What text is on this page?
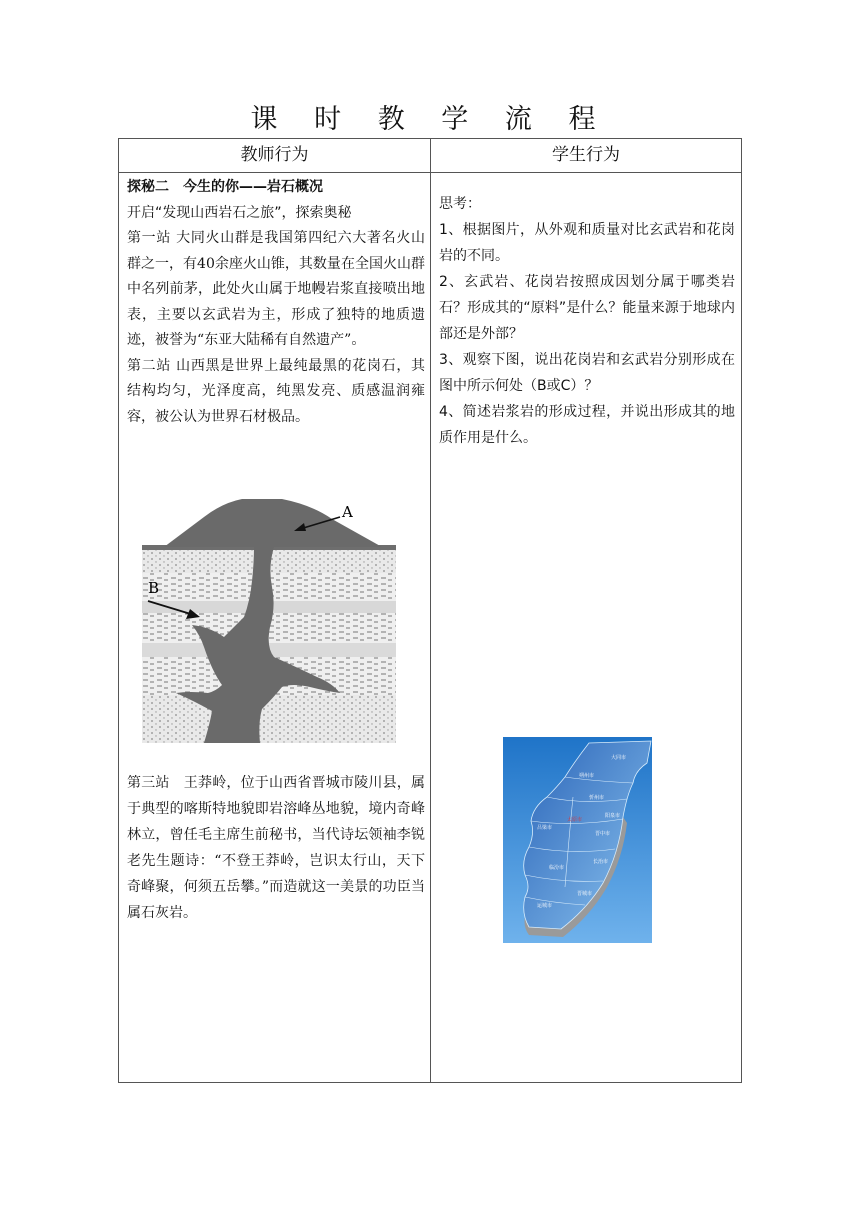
课 时 教 学 流 程
教师行为	学生行为

探秘二　今生的你——岩石概况

开启“发现山西岩石之旅”，探索奥秘

第一站 大同火山群是我国第四纪六大著名火山群之一，有40余座火山锥，其数量在全国火山群中名列前茅，此处火山属于地幔岩浆直接喷出地表，主要以玄武岩为主，形成了独特的地质遗迹，被誉为“东亚大陆稀有自然遗产”。

第二站 山西黑是世界上最纯最黑的花岗石，其结构均匀，光泽度高，纯黑发亮、质感温润雍容，被公认为世界石材极品。

A
B

第三站　王莽岭，位于山西省晋城市陵川县，属于典型的喀斯特地貌即岩溶峰丛地貌，境内奇峰林立，曾任毛主席生前秘书，当代诗坛领袖李锐老先生题诗：“不登王莽岭，岂识太行山，天下奇峰聚，何须五岳攀。”而造就这一美景的功臣当属石灰岩。

思考：

1、根据图片，从外观和质量对比玄武岩和花岗岩的不同。

2、玄武岩、花岗岩按照成因划分属于哪类岩石？形成其的“原料”是什么？能量来源于地球内部还是外部？

3、观察下图，说出花岗岩和玄武岩分别形成在图中所示何处（B或C）？

4、简述岩浆岩的形成过程，并说出形成其的地质作用是什么。

大同市
朔州市
忻州市
太原市
阳泉市
吕梁市
晋中市
长治市
临汾市
晋城市
运城市
